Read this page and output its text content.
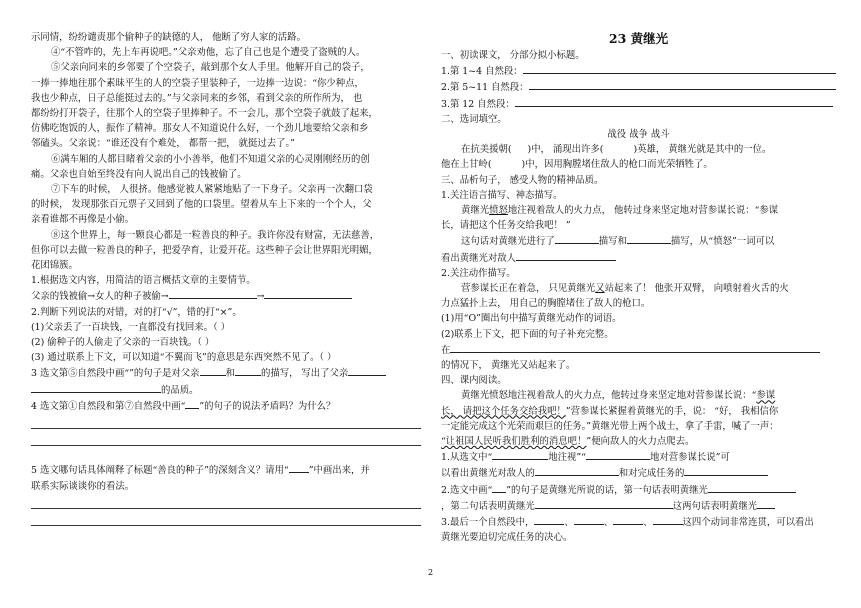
示同情，纷纷谴责那个偷种子的缺德的人， 他断了穷人家的活路。
④“不管咋的，先上车再说吧。”父亲劝他，忘了自己也是个遭受了盗贼的人。
⑤父亲向同来的乡邻要了个空袋子，敲到那个女人手里。他解开自己的袋子，
一捧一捧地往那个素昧平生的人的空袋子里装种子，一边捧一边说：“你少种点，
我也少种点，日子总能挺过去的。”与父亲同来的乡邻，看到父亲的所作所为， 也
都纷纷打开袋子，往那个人的空袋子里捧种子。不一会儿，那个空袋子就鼓了起来，
仿佛吃饱饭的人，振作了精神。那女人不知道说什么好，一个劲儿地要给父亲和乡
邻磕头。父亲说：“谁还没有个难处， 都帮一把， 就挺过去了。”
⑥满车厢的人都目睹着父亲的小小善举，他们不知道父亲的心灵刚刚经历的创
痛。父亲也自始至终没有向人说出自己的钱被偷了。
⑦下车的时候， 人很挤。他感觉被人紧紧地贴了一下身子。父亲再一次翻口袋
的时候， 发现那张百元票子又回到了他的口袋里。望着从车上下来的一个个人，父
亲看谁都不再像是小偷。
⑧这个世界上，每一颗良心都是一粒善良的种子。我许你没有财富，无法慈善，
但你可以去做一粒善良的种子，把爱孕育，让爱开花。这些种子会让世界阳光明媚，
花团锦簇。
1.根据选文内容，用简洁的语言概括文章的主要情节。
父亲的钱被偷→女人的种子被偷→	→
2.判断下列说法的对错，对的打“√”，错的打“×”。
(1)父亲丢了一百块钱，一直都没有找回来。（ ）
(2) 偷种子的人偷走了父亲的一百块钱。（ ）
(3) 通过联系上下文，可以知道“不翼而飞”的意思是东西突然不见了。（ ）
3 选文第⑤自然段中画“”的句子是对父亲	和	的描写， 写出了父亲
的品质。
4 选文第①自然段和第⑦自然段中画“ ”的句子的说法矛盾吗？为什么？
5 选文哪句话具体阐释了标题“善良的种子”的深刻含义？请用“ ”中画出来，并
联系实际谈谈你的看法。
23 黄继光
一、初读课文， 分部分拟小标题。
1.第 1~4 自然段：
2.第 5~11 自然段：
3.第 12 自然段：
二、选词填空。
战役 战争 战斗
在抗美援朝( )中， 涌现出许多(	)英雄， 黄继光就是其中的一位。
他在上甘岭(	)中，因用胸膛堵住敌人的枪口而光荣牺牲了。
三、品析句子， 感受人物的精神品质。
1.关注语言描写、神态描写。
黄继光愤怒地注视着敌人的火力点， 他转过身来坚定地对营参谋长说：“参谋
长，请把这个任务交给我吧！ ”
这句话对黄继光进行了	描写和	描写，从“愤怒”一词可以
看出黄继光对敌人
2.关注动作描写。
营参谋长正在着急， 只见黄继光又站起来了！ 他张开双臂， 向喷射着火舌的火
力点猛扑上去， 用自己的胸膛堵住了敌人的枪口。
(1)用“O”圈出句中描写黄继光动作的词语。
(2)联系上下文，把下面的句子补充完整。
在
的情况下， 黄继光又站起来了。
四、课内阅读。
黄继光愤怒地注视着敌人的火力点，他转过身来坚定地对营参谋长说：“参谋
长， 请把这个任务交给我吧！”营参谋长紧握着黄继光的手，说： “好， 我相信你
一定能完成这个光荣而艰巨的任务。”黄继光带上两个战士，拿了手雷，喊了一声：
“让祖国人民听我们胜利的消息吧！”便向敌人的火力点爬去。
1.从选文中“	地注视”“	地对营参谋长说”可
以看出黄继光对敌人的	和对完成任务的
2.选文中画“ ”的句子是黄继光所说的话，第一句话表明黄继光
，第二句话表明黄继光	这两句话表明黄继光
3.最后一个自然段中，	、	、	、	这四个动词非常连贯，可以看出
黄继光要迫切完成任务的决心。
2
